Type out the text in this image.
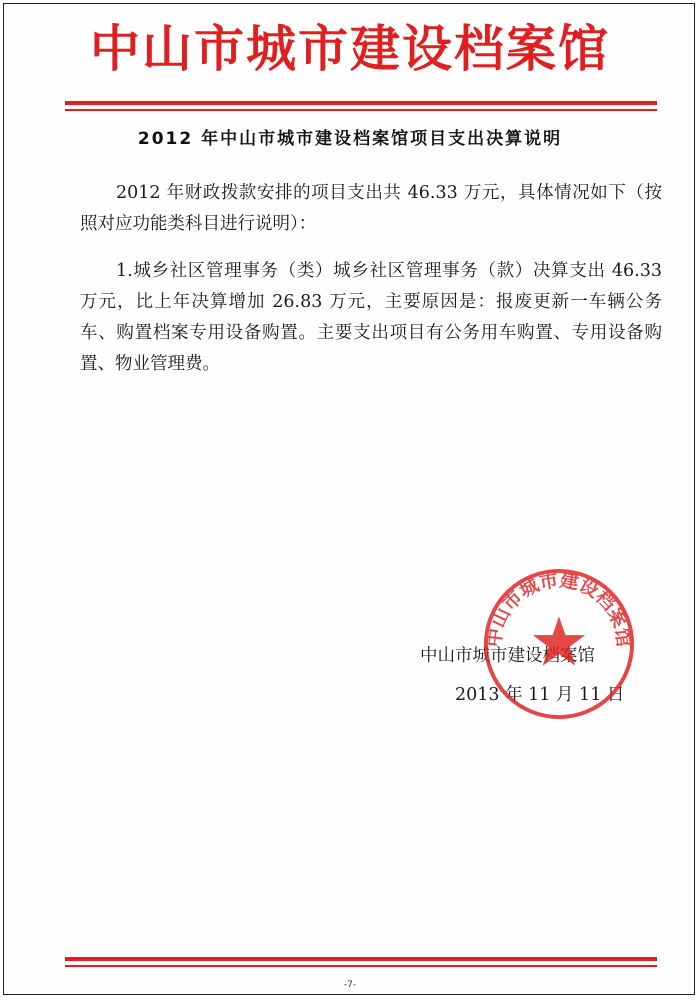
中山市城市建设档案馆
2012 年中山市城市建设档案馆项目支出决算说明
2012 年财政拨款安排的项目支出共 46.33 万元，具体情况如下（按照对应功能类科目进行说明）：
1.城乡社区管理事务（类）城乡社区管理事务（款）决算支出 46.33 万元，比上年决算增加 26.83 万元，主要原因是：报废更新一车辆公务车、购置档案专用设备购置。主要支出项目有公务用车购置、专用设备购置、物业管理费。
中山市城市建设档案馆
2013 年 11 月 11 日
中山市城市建设档案馆
-7-
